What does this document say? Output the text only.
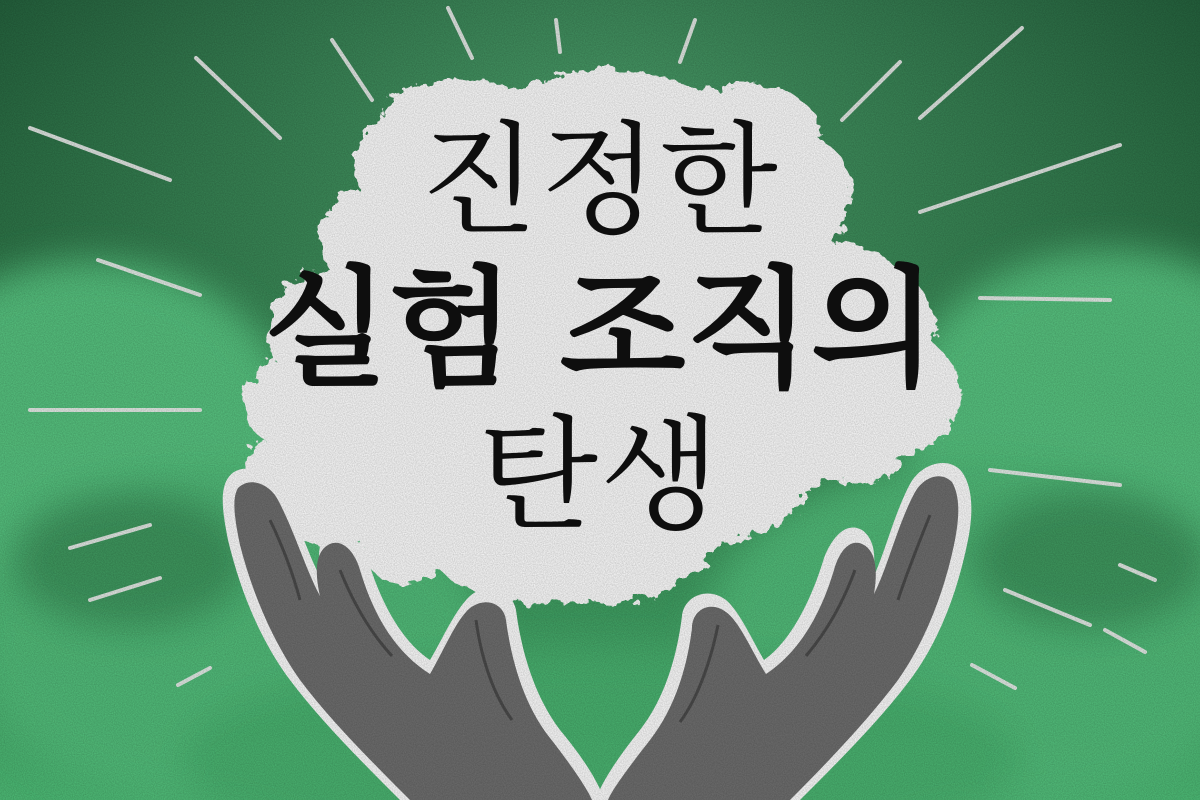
진정한
실험 조직의
탄생
